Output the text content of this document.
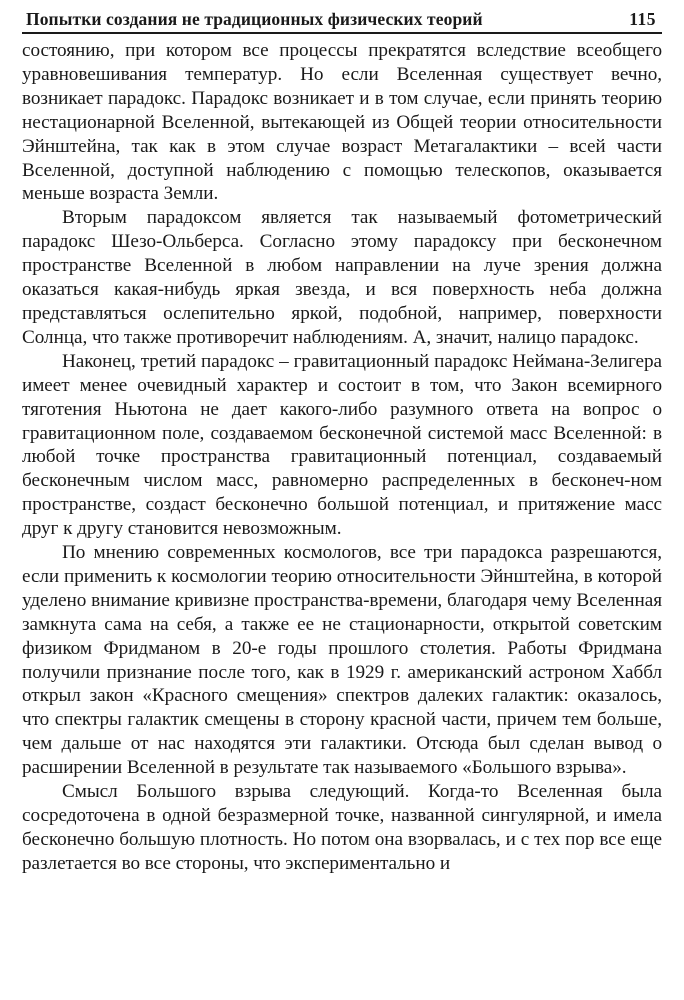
Попытки создания не традиционных физических теорий	115

состоянию, при котором все процессы прекратятся вследствие всеобщего уравновешивания температур. Но если Вселенная существует вечно, возникает парадокс. Парадокс возникает и в том случае, если принять теорию нестационарной Вселенной, вытекающей из Общей теории относительности Эйнштейна, так как в этом случае возраст Метагалактики – всей части Вселенной, доступной наблюдению с помощью телескопов, оказывается меньше возраста Земли.

Вторым парадоксом является так называемый фотометрический парадокс Шезо-Ольберса. Согласно этому парадоксу при бесконечном пространстве Вселенной в любом направлении на луче зрения должна оказаться какая-нибудь яркая звезда, и вся поверхность неба должна представляться ослепительно яркой, подобной, например, поверхности Солнца, что также противоречит наблюдениям. А, значит, налицо парадокс.

Наконец, третий парадокс – гравитационный парадокс Неймана-Зелигера имеет менее очевидный характер и состоит в том, что Закон всемирного тяготения Ньютона не дает какого-либо разумного ответа на вопрос о гравитационном поле, создаваемом бесконечной системой масс Вселенной: в любой точке пространства гравитационный потенциал, создаваемый бесконечным числом масс, равномерно распределенных в бесконеч-ном пространстве, создаст бесконечно большой потенциал, и притяжение масс друг к другу становится невозможным.

По мнению современных космологов, все три парадокса разрешаются, если применить к космологии теорию относительности Эйнштейна, в которой уделено внимание кривизне пространства-времени, благодаря чему Вселенная замкнута сама на себя, а также ее не стационарности, открытой советским физиком Фридманом в 20-е годы прошлого столетия. Работы Фридмана получили признание после того, как в 1929 г. американский астроном Хаббл открыл закон «Красного смещения» спектров далеких галактик: оказалось, что спектры галактик смещены в сторону красной части, причем тем больше, чем дальше от нас находятся эти галактики. Отсюда был сделан вывод о расширении Вселенной в результате так называемого «Большого взрыва».

Смысл Большого взрыва следующий. Когда-то Вселенная была сосредоточена в одной безразмерной точке, названной сингулярной, и имела бесконечно большую плотность. Но потом она взорвалась, и с тех пор все еще разлетается во все стороны, что экспериментально и
